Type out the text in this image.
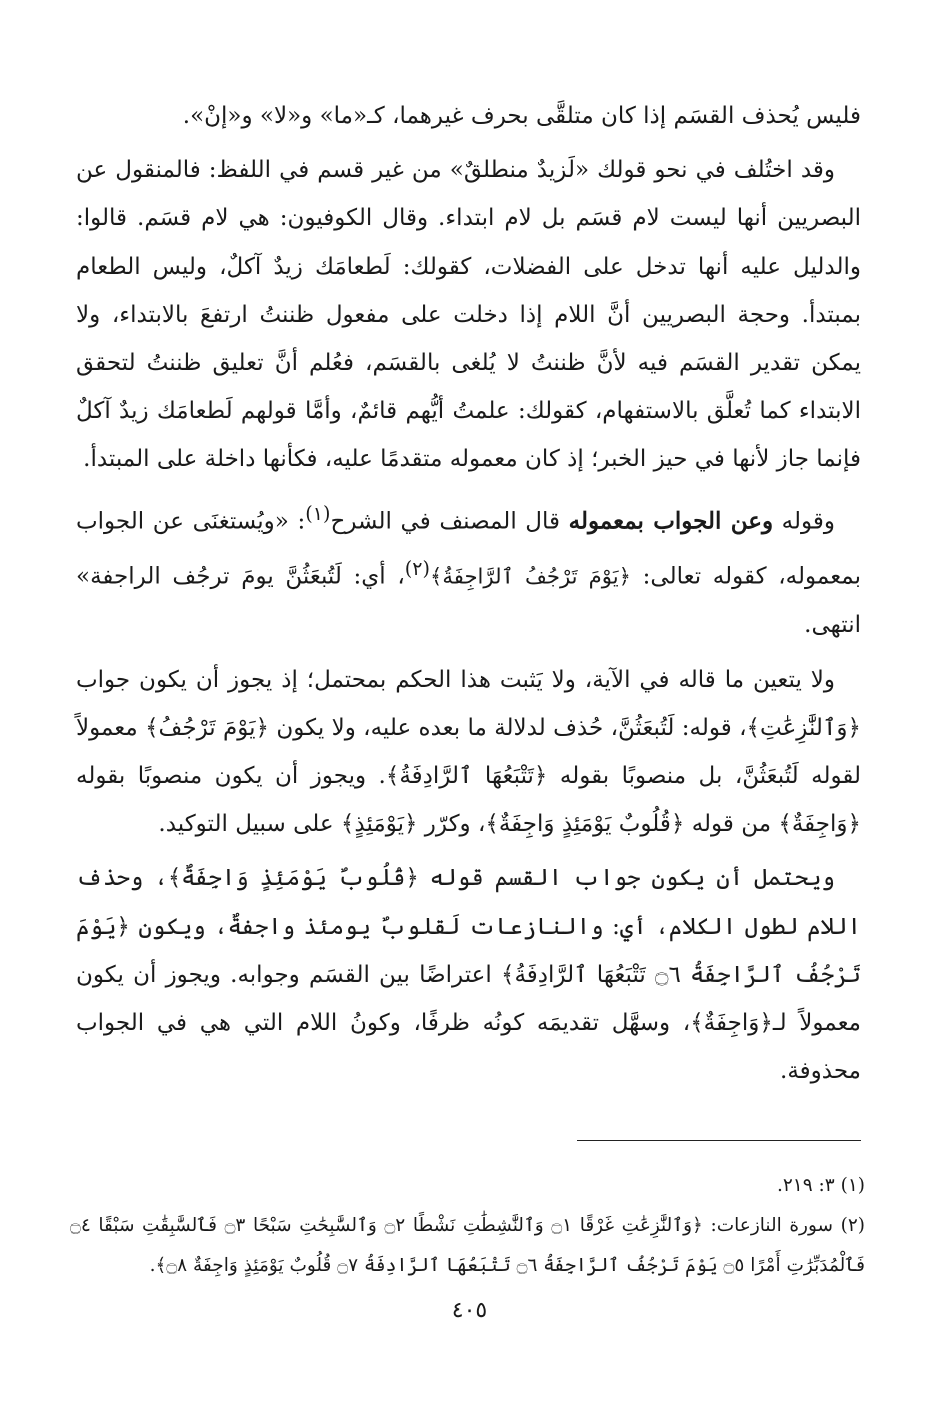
فليس يُحذف القسَم إذا كان متلقَّى بحرف غيرهما، كـ«ما» و«لا» و«إنْ».

وقد اختُلف في نحو قولك «لَزيدٌ منطلقٌ» من غير قسم في اللفظ: فالمنقول عن البصريين أنها ليست لام قسَم بل لام ابتداء. وقال الكوفيون: هي لام قسَم. قالوا: والدليل عليه أنها تدخل على الفضلات، كقولك: لَطعامَك زيدٌ آكلٌ، وليس الطعام بمبتدأ. وحجة البصريين أنَّ اللام إذا دخلت على مفعول ظننتُ ارتفعَ بالابتداء، ولا يمكن تقدير القسَم فيه لأنَّ ظننتُ لا يُلغى بالقسَم، فعُلم أنَّ تعليق ظننتُ لتحقق الابتداء كما تُعلَّق بالاستفهام، كقولك: علمتُ أيُّهم قائمٌ، وأمَّا قولهم لَطعامَك زيدٌ آكلٌ فإنما جاز لأنها في حيز الخبر؛ إذ كان معموله متقدمًا عليه، فكأنها داخلة على المبتدأ.

وقوله وعن الجواب بمعموله قال المصنف في الشرح$^{(١)}$: «ويُستغنَى عن الجواب بمعموله، كقوله تعالى: ﴿يَوْمَ تَرْجُفُ ٱلرَّاجِفَةُ﴾$^{(٢)}$، أي: لَتُبعَثُنَّ يومَ ترجُف الراجفة» انتهى.

ولا يتعين ما قاله في الآية، ولا يَثبت هذا الحكم بمحتمل؛ إذ يجوز أن يكون جواب ﴿وَٱلنَّٰزِعَٰتِ﴾، قوله: لَتُبعَثُنَّ، حُذف لدلالة ما بعده عليه، ولا يكون ﴿يَوْمَ تَرْجُفُ﴾ معمولاً لقوله لَتُبعَثُنَّ، بل منصوبًا بقوله ﴿تَتْبَعُهَا ٱلرَّادِفَةُ﴾. ويجوز أن يكون منصوبًا بقوله ﴿وَاجِفَةٌ﴾ من قوله ﴿قُلُوبٌ يَوْمَئِذٍ وَاجِفَةٌ﴾، وكرّر ﴿يَوْمَئِذٍ﴾ على سبيل التوكيد.

ويحتمل أن يكون جواب القسم قوله ﴿قُلُوبٌ يَوْمَئِذٍ وَاجِفَةٌ﴾، وحذف اللام لطول الكلام، أي: والنازعات لَقلوبٌ يومئذ واجفةٌ، ويكون ﴿يَوْمَ تَرْجُفُ ٱلرَّاجِفَةُ ۝٦ تَتْبَعُهَا ٱلرَّادِفَةُ﴾ اعتراضًا بين القسَم وجوابه. ويجوز أن يكون معمولاً لـ﴿وَاجِفَةٌ﴾، وسهَّل تقديمَه كونُه ظرفًا، وكونُ اللام التي هي في الجواب محذوفة.

(١) ٣: ٢١٩.

(٢) سورة النازعات: ﴿وَٱلنَّٰزِعَٰتِ غَرْقًا ۝١ وَٱلنَّٰشِطَٰتِ نَشْطًا ۝٢ وَٱلسَّٰبِحَٰتِ سَبْحًا ۝٣ فَٱلسَّٰبِقَٰتِ سَبْقًا ۝٤ فَٱلْمُدَبِّرَٰتِ أَمْرًا ۝٥ يَوْمَ تَرْجُفُ ٱلرَّاجِفَةُ ۝٦ تَتْبَعُهَا ٱلرَّادِفَةُ ۝٧ قُلُوبٌ يَوْمَئِذٍ وَاجِفَةٌ ۝٨﴾.

٤٠٥
